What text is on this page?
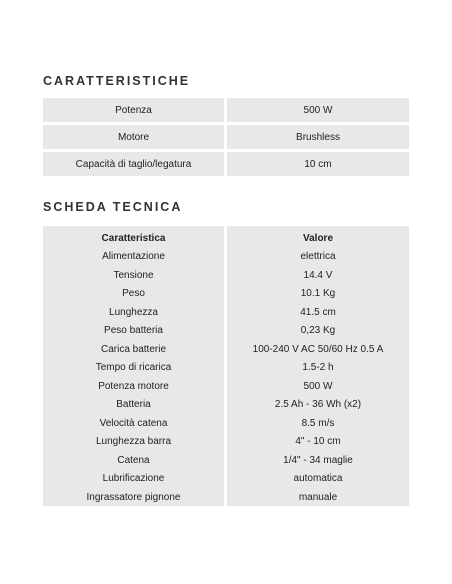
CARATTERISTICHE
Potenza	500 W
Motore	Brushless
Capacità di taglio/legatura	10 cm
SCHEDA TECNICA
Caratteristica	Valore
Alimentazione	elettrica
Tensione	14.4 V
Peso	10.1 Kg
Lunghezza	41.5 cm
Peso batteria	0,23 Kg
Carica batterie	100-240 V AC 50/60 Hz 0.5 A
Tempo di ricarica	1.5-2 h
Potenza motore	500 W
Batteria	2.5 Ah - 36 Wh (x2)
Velocità catena	8.5 m/s
Lunghezza barra	4" - 10 cm
Catena	1/4" - 34 maglie
Lubrificazione	automatica
Ingrassatore pignone	manuale
